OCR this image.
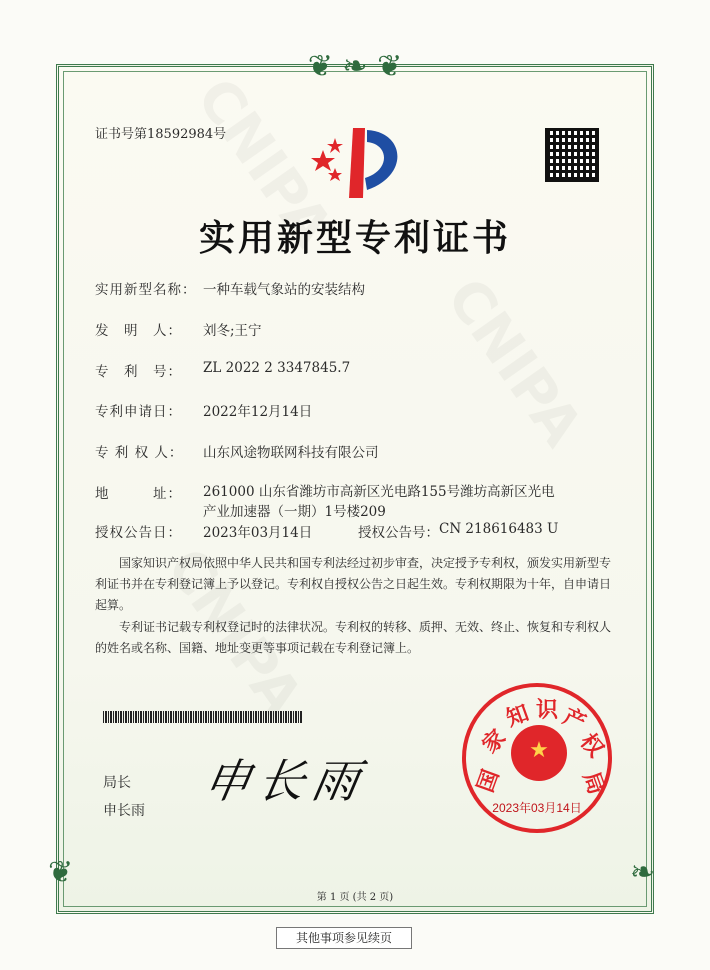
❦ ❧ ❦
❦	❧
证书号第18592984号
实用新型专利证书
实用新型名称： 一种车载气象站的安装结构
发　明　人：	刘冬;王宁
专　利　号：	ZL 2022 2 3347845.7
专利申请日：	2022年12月14日
专 利 权 人：	山东风途物联网科技有限公司
地　　　址：	261000 山东省潍坊市高新区光电路155号潍坊高新区光电
产业加速器（一期）1号楼209
授权公告日：	2023年03月14日	授权公告号： CN 218616483 U
国家知识产权局依照中华人民共和国专利法经过初步审查，决定授予专利权，颁发实用新型专利证书并在专利登记簿上予以登记。专利权自授权公告之日起生效。专利权期限为十年，自申请日起算。
专利证书记载专利权登记时的法律状况。专利权的转移、质押、无效、终止、恢复和专利权人的姓名或名称、国籍、地址变更等事项记载在专利登记簿上。
局长
申长雨
申长雨	国
家
知 识 产
权
局
★
2023年03月14日
第 1 页 (共 2 页)
其他事项参见续页
